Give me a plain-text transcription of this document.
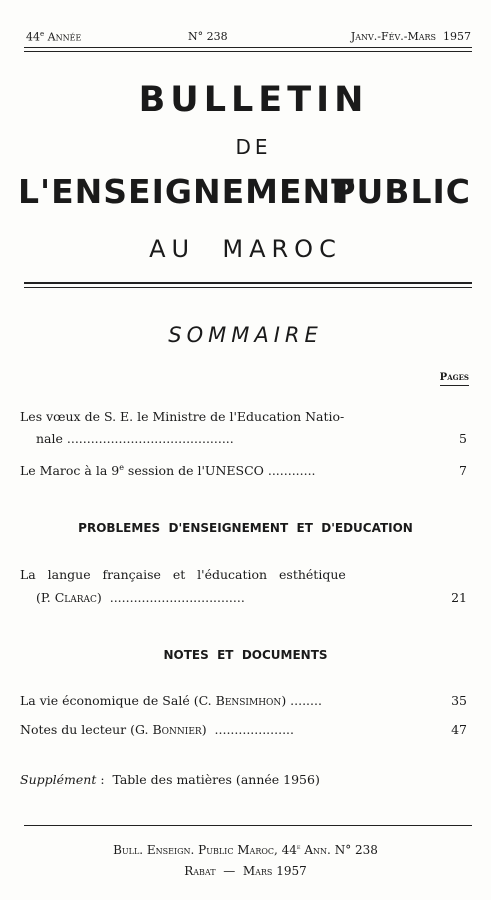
44e Année	N° 238	Janv.-Fév.-Mars  1957
BULLETIN
DE
L'ENSEIGNEMENT
PUBLIC
AU  MAROC
SOMMAIRE
Pages
Les vœux de S. E. le Ministre de l'Education Natio-
nale ..........................................	5
Le Maroc à la 9e session de l'UNESCO ............	7
PROBLEMES  D'ENSEIGNEMENT  ET  D'EDUCATION
La   langue   française   et   l'éducation   esthétique
(P. Clarac)  ..................................	21
NOTES  ET  DOCUMENTS
La vie économique de Salé (C. Bensimhon) ........	35
Notes du lecteur (G. Bonnier)  ....................	47
Supplément :  Table des matières (année 1956)
Bull. Enseign. Public Maroc, 44e Ann. N° 238
Rabat  —  Mars 1957
